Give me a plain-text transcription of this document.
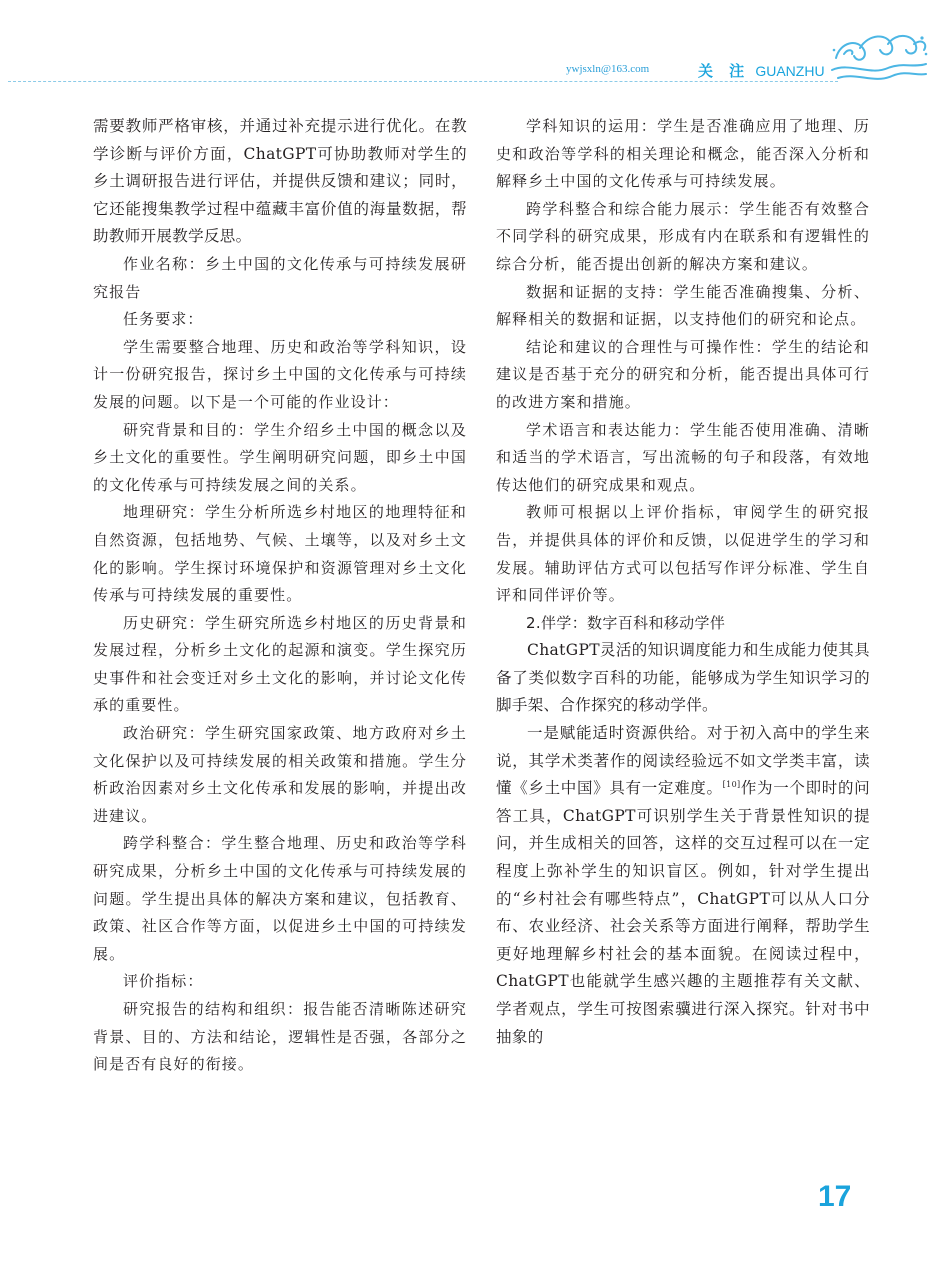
ywjsxln@163.com	关 注 GUANZHU

需要教师严格审核，并通过补充提示进行优化。在教学诊断与评价方面，ChatGPT可协助教师对学生的乡土调研报告进行评估，并提供反馈和建议；同时，它还能搜集教学过程中蕴藏丰富价值的海量数据，帮助教师开展教学反思。

作业名称：乡土中国的文化传承与可持续发展研究报告

任务要求：

学生需要整合地理、历史和政治等学科知识，设计一份研究报告，探讨乡土中国的文化传承与可持续发展的问题。以下是一个可能的作业设计：

研究背景和目的：学生介绍乡土中国的概念以及乡土文化的重要性。学生阐明研究问题，即乡土中国的文化传承与可持续发展之间的关系。

地理研究：学生分析所选乡村地区的地理特征和自然资源，包括地势、气候、土壤等，以及对乡土文化的影响。学生探讨环境保护和资源管理对乡土文化传承与可持续发展的重要性。

历史研究：学生研究所选乡村地区的历史背景和发展过程，分析乡土文化的起源和演变。学生探究历史事件和社会变迁对乡土文化的影响，并讨论文化传承的重要性。

政治研究：学生研究国家政策、地方政府对乡土文化保护以及可持续发展的相关政策和措施。学生分析政治因素对乡土文化传承和发展的影响，并提出改进建议。

跨学科整合：学生整合地理、历史和政治等学科研究成果，分析乡土中国的文化传承与可持续发展的问题。学生提出具体的解决方案和建议，包括教育、政策、社区合作等方面，以促进乡土中国的可持续发展。

评价指标：

研究报告的结构和组织：报告能否清晰陈述研究背景、目的、方法和结论，逻辑性是否强，各部分之间是否有良好的衔接。

学科知识的运用：学生是否准确应用了地理、历史和政治等学科的相关理论和概念，能否深入分析和解释乡土中国的文化传承与可持续发展。

跨学科整合和综合能力展示：学生能否有效整合不同学科的研究成果，形成有内在联系和有逻辑性的综合分析，能否提出创新的解决方案和建议。

数据和证据的支持：学生能否准确搜集、分析、解释相关的数据和证据，以支持他们的研究和论点。

结论和建议的合理性与可操作性：学生的结论和建议是否基于充分的研究和分析，能否提出具体可行的改进方案和措施。

学术语言和表达能力：学生能否使用准确、清晰和适当的学术语言，写出流畅的句子和段落，有效地传达他们的研究成果和观点。

教师可根据以上评价指标，审阅学生的研究报告，并提供具体的评价和反馈，以促进学生的学习和发展。辅助评估方式可以包括写作评分标准、学生自评和同伴评价等。

2.伴学：数字百科和移动学伴

ChatGPT灵活的知识调度能力和生成能力使其具备了类似数字百科的功能，能够成为学生知识学习的脚手架、合作探究的移动学伴。

一是赋能适时资源供给。对于初入高中的学生来说，其学术类著作的阅读经验远不如文学类丰富，读懂《乡土中国》具有一定难度。[10]作为一个即时的问答工具，ChatGPT可识别学生关于背景性知识的提问，并生成相关的回答，这样的交互过程可以在一定程度上弥补学生的知识盲区。例如，针对学生提出的“乡村社会有哪些特点”，ChatGPT可以从人口分布、农业经济、社会关系等方面进行阐释，帮助学生更好地理解乡村社会的基本面貌。在阅读过程中，ChatGPT也能就学生感兴趣的主题推荐有关文献、学者观点，学生可按图索骥进行深入探究。针对书中抽象的

17
